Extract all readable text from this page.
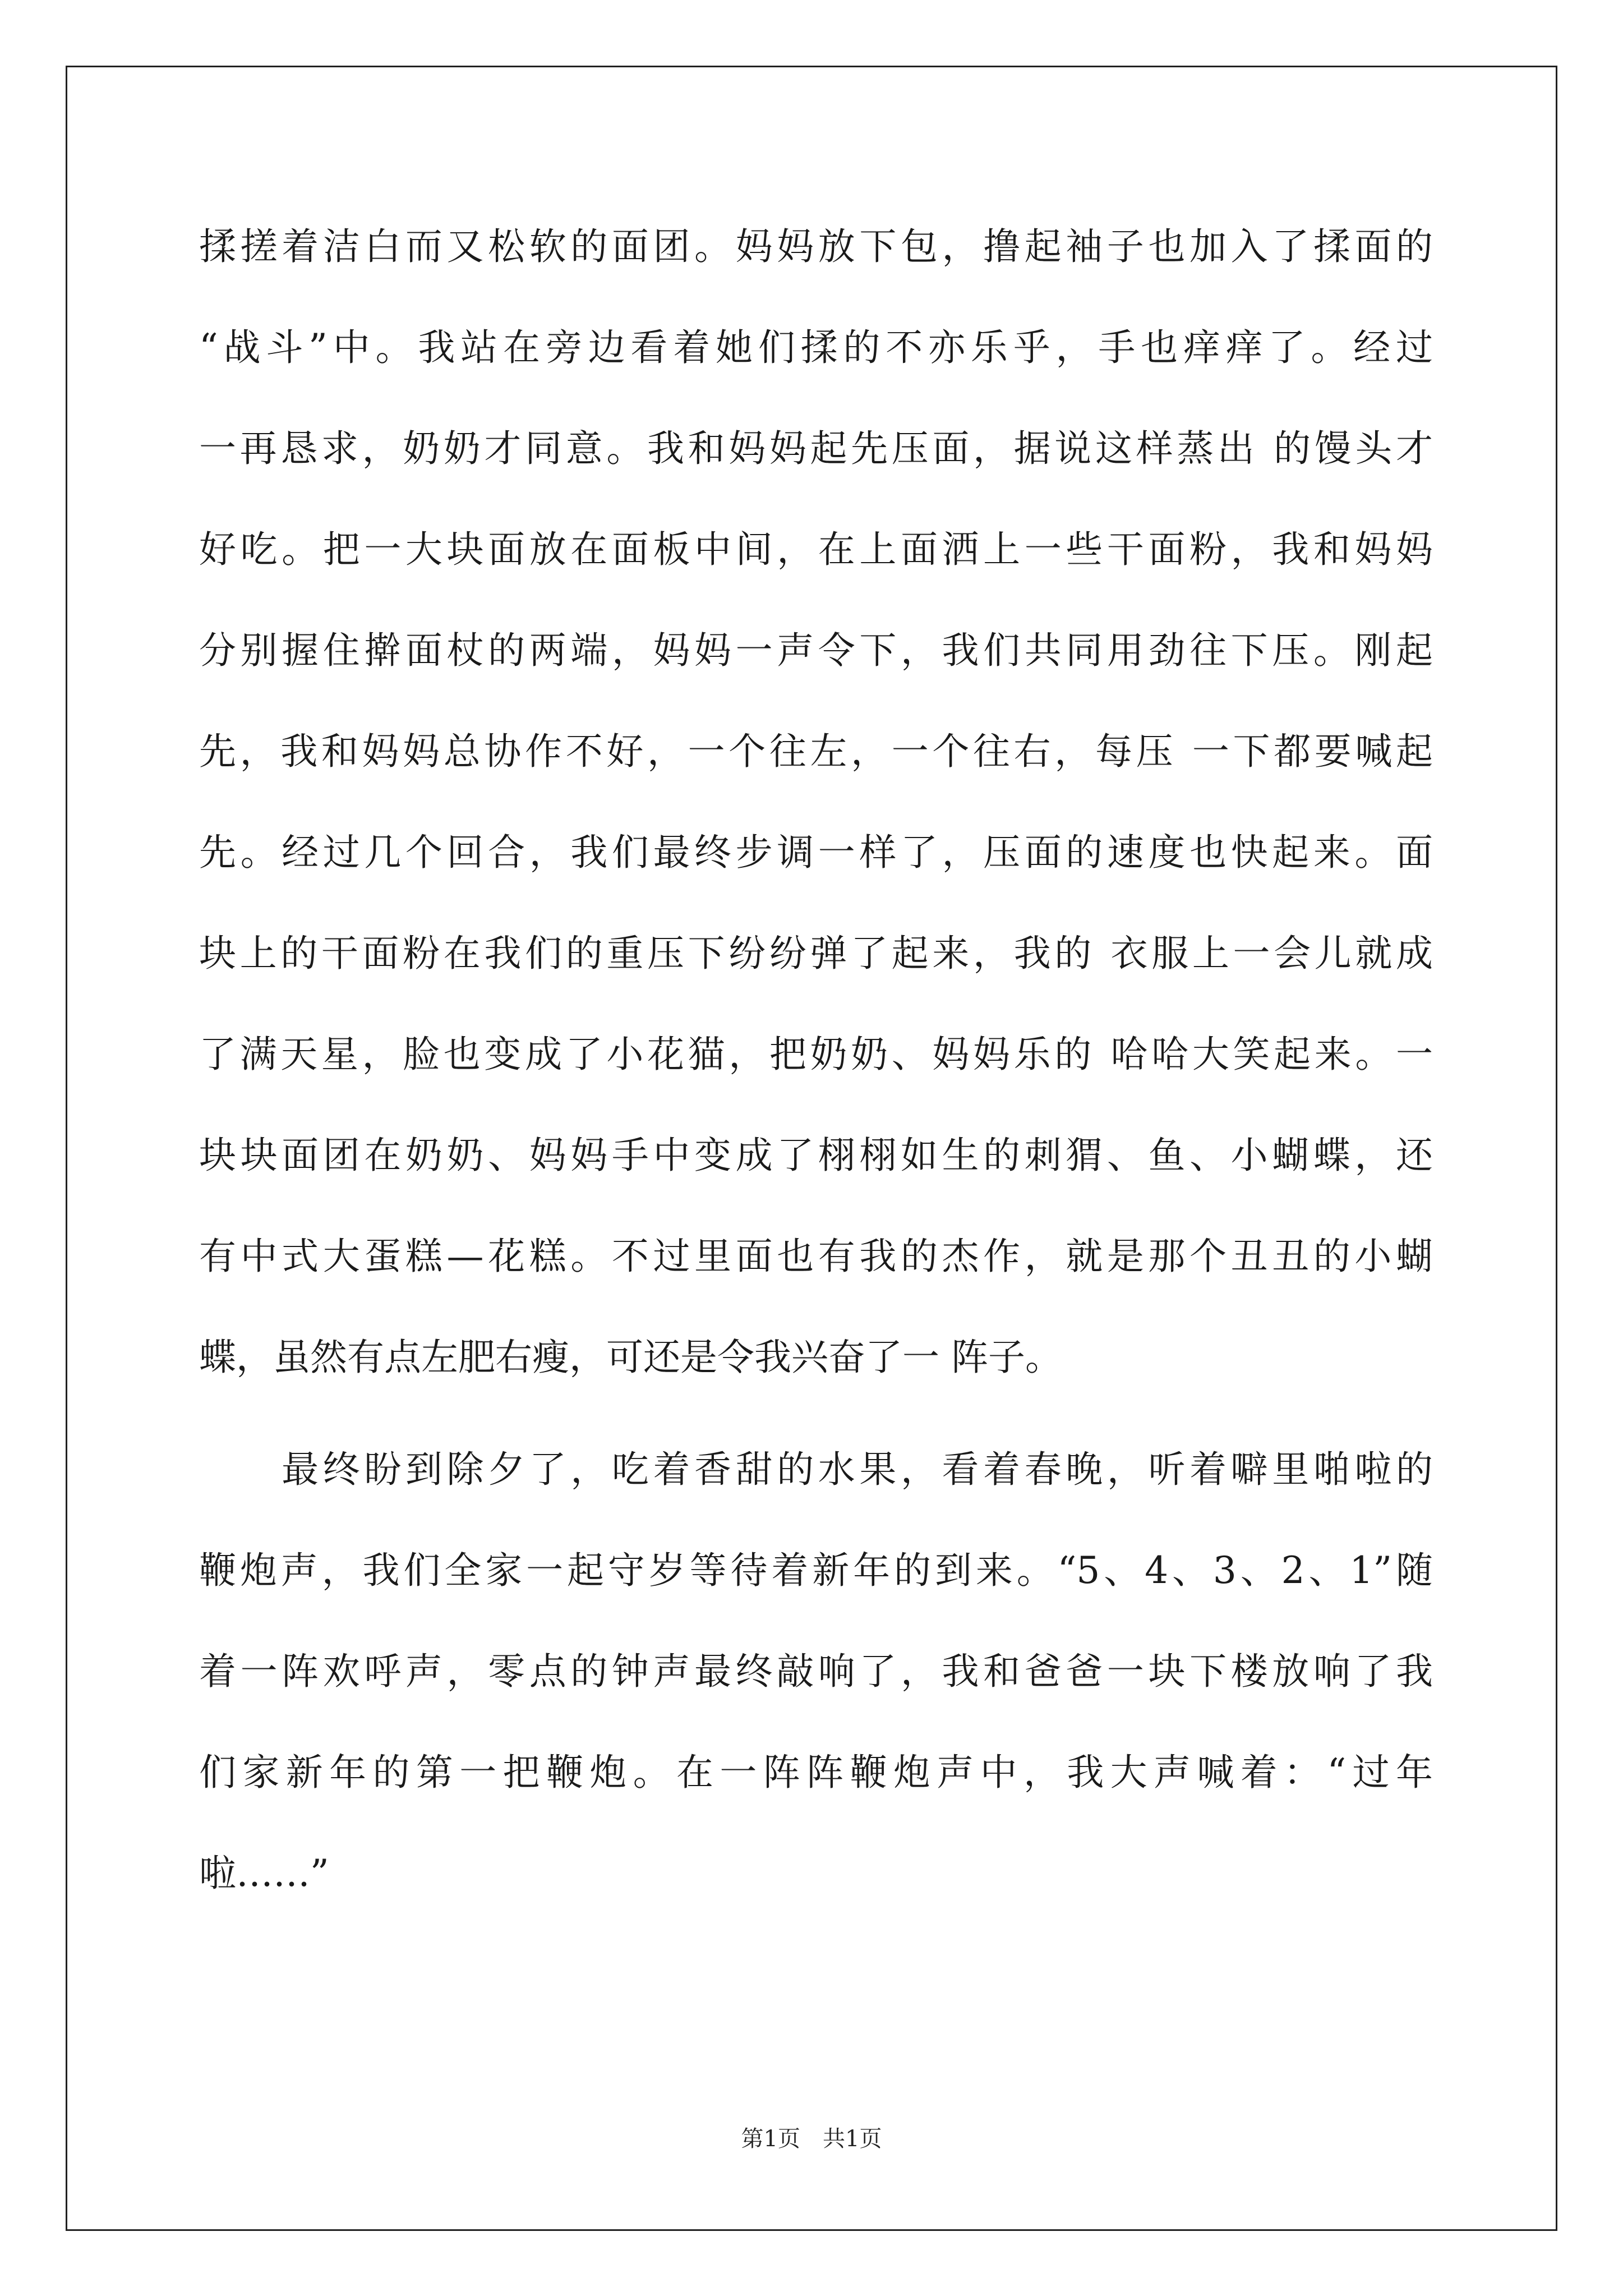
揉搓着洁白而又松软的面团。妈妈放下包，撸起袖子也加入了揉面的
“战斗”中。我站在旁边看着她们揉的不亦乐乎，手也痒痒了。经过
一再恳求，奶奶才同意。我和妈妈起先压面，据说这样蒸出 的馒头才
好吃。把一大块面放在面板中间，在上面洒上一些干面粉，我和妈妈
分别握住擀面杖的两端，妈妈一声令下，我们共同用劲往下压。刚起
先，我和妈妈总协作不好，一个往左，一个往右，每压 一下都要喊起
先。经过几个回合，我们最终步调一样了，压面的速度也快起来。面
块上的干面粉在我们的重压下纷纷弹了起来，我的 衣服上一会儿就成
了满天星，脸也变成了小花猫，把奶奶、妈妈乐的 哈哈大笑起来。一
块块面团在奶奶、妈妈手中变成了栩栩如生的刺猬、鱼、小蝴蝶，还
有中式大蛋糕—花糕。不过里面也有我的杰作，就是那个丑丑的小蝴
蝶，虽然有点左肥右瘦，可还是令我兴奋了一 阵子。
　　最终盼到除夕了，吃着香甜的水果，看着春晚，听着噼里啪啦的
鞭炮声，我们全家一起守岁等待着新年的到来。“5、4、3、2、1”随
着一阵欢呼声，零点的钟声最终敲响了，我和爸爸一块下楼放响了我
们家新年的第一把鞭炮。在一阵阵鞭炮声中，我大声喊着：“过年
啦……”
第1页　共1页
